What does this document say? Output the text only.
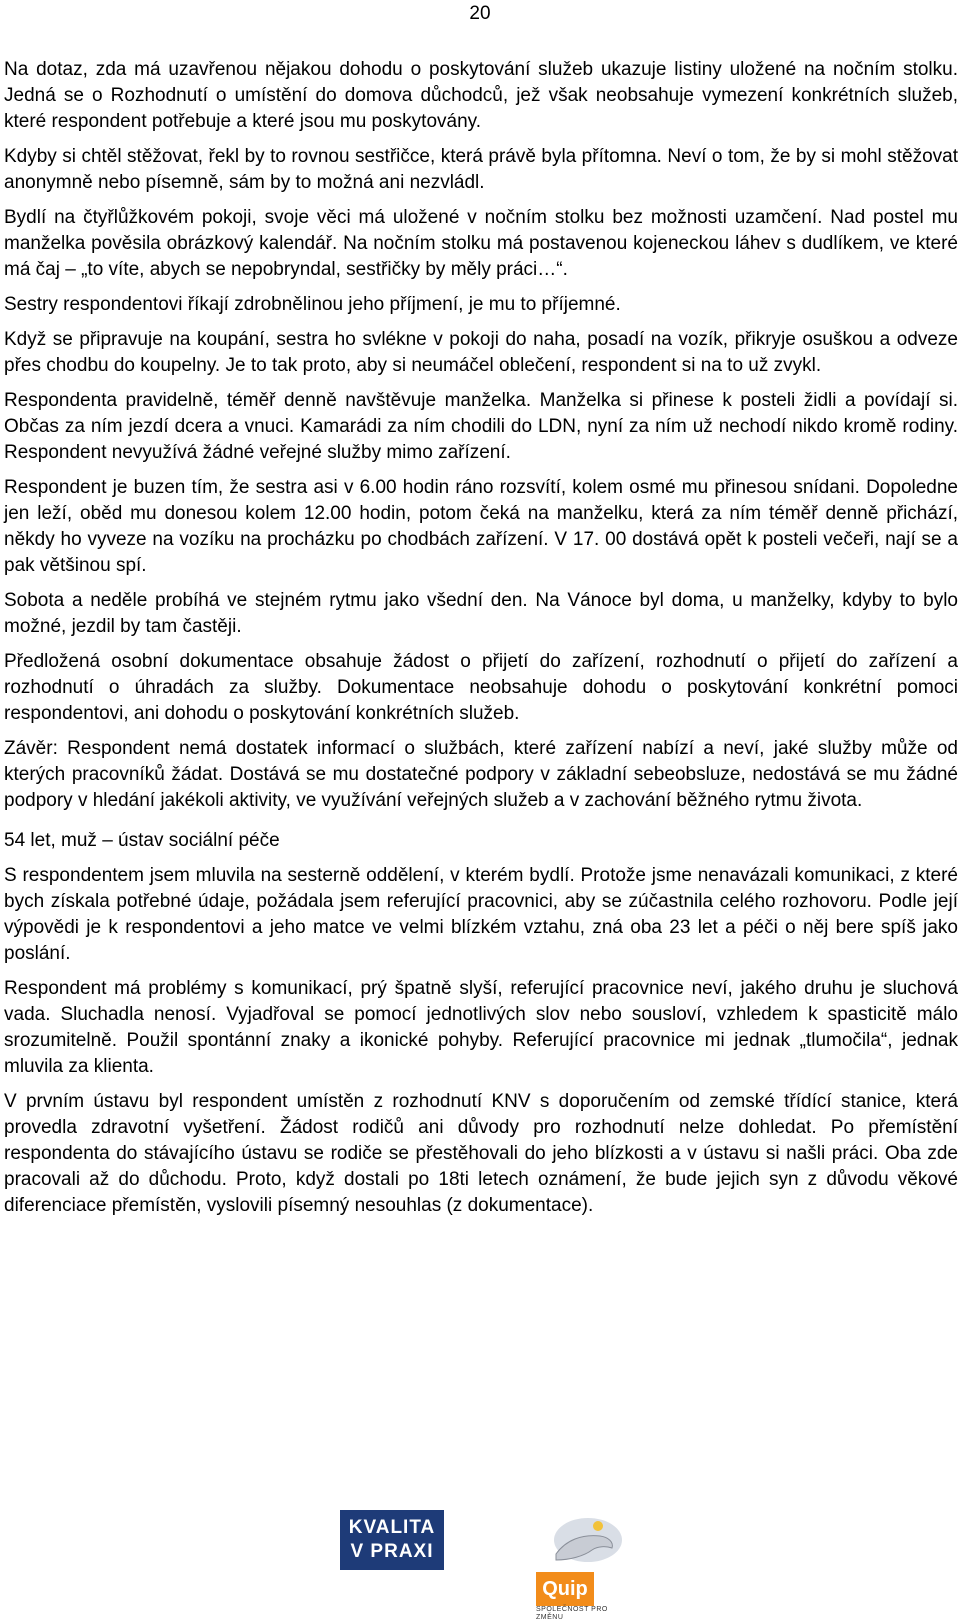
20

Na dotaz, zda má uzavřenou nějakou dohodu o poskytování služeb ukazuje listiny uložené na nočním stolku. Jedná se o Rozhodnutí o umístění do domova důchodců, jež však neobsahuje vymezení konkrétních služeb, které respondent potřebuje a které jsou mu poskytovány.

Kdyby si chtěl stěžovat, řekl by to rovnou sestřičce, která právě byla přítomna. Neví o tom, že by si mohl stěžovat anonymně nebo písemně, sám by to možná ani nezvládl.

Bydlí na čtyřlůžkovém pokoji, svoje věci má uložené v nočním stolku bez možnosti uzamčení. Nad postel mu manželka pověsila obrázkový kalendář. Na nočním stolku má postavenou kojeneckou láhev s dudlíkem, ve které má čaj – „to víte, abych se nepobryndal, sestřičky by měly práci…“.

Sestry respondentovi říkají zdrobnělinou jeho příjmení, je mu to příjemné.

Když se připravuje na koupání, sestra ho svlékne v pokoji do naha, posadí na vozík, přikryje osuškou a odveze přes chodbu do koupelny. Je to tak proto, aby si neumáčel oblečení, respondent si na to už zvykl.

Respondenta pravidelně, téměř denně navštěvuje manželka. Manželka si přinese k posteli židli a povídají si. Občas za ním jezdí dcera a vnuci. Kamarádi za ním chodili do LDN, nyní za ním už nechodí nikdo kromě rodiny. Respondent nevyužívá žádné veřejné služby mimo zařízení.

Respondent je buzen tím, že sestra asi v 6.00 hodin ráno rozsvítí, kolem osmé mu přinesou snídani. Dopoledne jen leží, oběd mu donesou kolem 12.00 hodin, potom čeká na manželku, která za ním téměř denně přichází, někdy ho vyveze na vozíku na procházku po chodbách zařízení. V 17. 00 dostává opět k posteli večeři, nají se a pak většinou spí.

Sobota a neděle probíhá ve stejném rytmu jako všední den. Na Vánoce byl doma, u manželky, kdyby to bylo možné, jezdil by tam častěji.

Předložená osobní dokumentace obsahuje žádost o přijetí do zařízení, rozhodnutí o přijetí do zařízení a rozhodnutí o úhradách za služby. Dokumentace neobsahuje dohodu o poskytování konkrétní pomoci respondentovi, ani dohodu o poskytování konkrétních služeb.

Závěr: Respondent nemá dostatek informací o službách, které zařízení nabízí a neví, jaké služby může od kterých pracovníků žádat. Dostává se mu dostatečné podpory v základní sebeobsluze, nedostává se mu žádné podpory v hledání jakékoli aktivity, ve využívání veřejných služeb a v zachování běžného rytmu života.

54 let, muž – ústav sociální péče

S respondentem jsem mluvila na sesterně oddělení, v kterém bydlí. Protože jsme nenavázali komunikaci, z které bych získala potřebné údaje, požádala jsem referující pracovnici, aby se zúčastnila celého rozhovoru. Podle její výpovědi je k respondentovi a jeho matce ve velmi blízkém vztahu, zná oba 23 let a péči o něj bere spíš jako poslání.

Respondent má problémy s komunikací, prý špatně slyší, referující pracovnice neví, jakého druhu je sluchová vada. Sluchadla nenosí. Vyjadřoval se pomocí jednotlivých slov nebo sousloví, vzhledem k spasticitě málo srozumitelně. Použil spontánní znaky a ikonické pohyby. Referující pracovnice mi jednak „tlumočila“, jednak mluvila za klienta.

V prvním ústavu byl respondent umístěn z rozhodnutí KNV s doporučením od zemské třídící stanice, která provedla zdravotní vyšetření. Žádost rodičů ani důvody pro rozhodnutí nelze dohledat. Po přemístění respondenta do stávajícího ústavu se rodiče se přestěhovali do jeho blízkosti a v ústavu si našli práci. Oba zde pracovali až do důchodu. Proto, když dostali po 18ti letech oznámení, že bude jejich syn z důvodu věkové diferenciace přemístěn, vyslovili písemný nesouhlas (z dokumentace).

KVALITA
V PRAXI
Quip
SPOLEČNOST PRO ZMĚNU
